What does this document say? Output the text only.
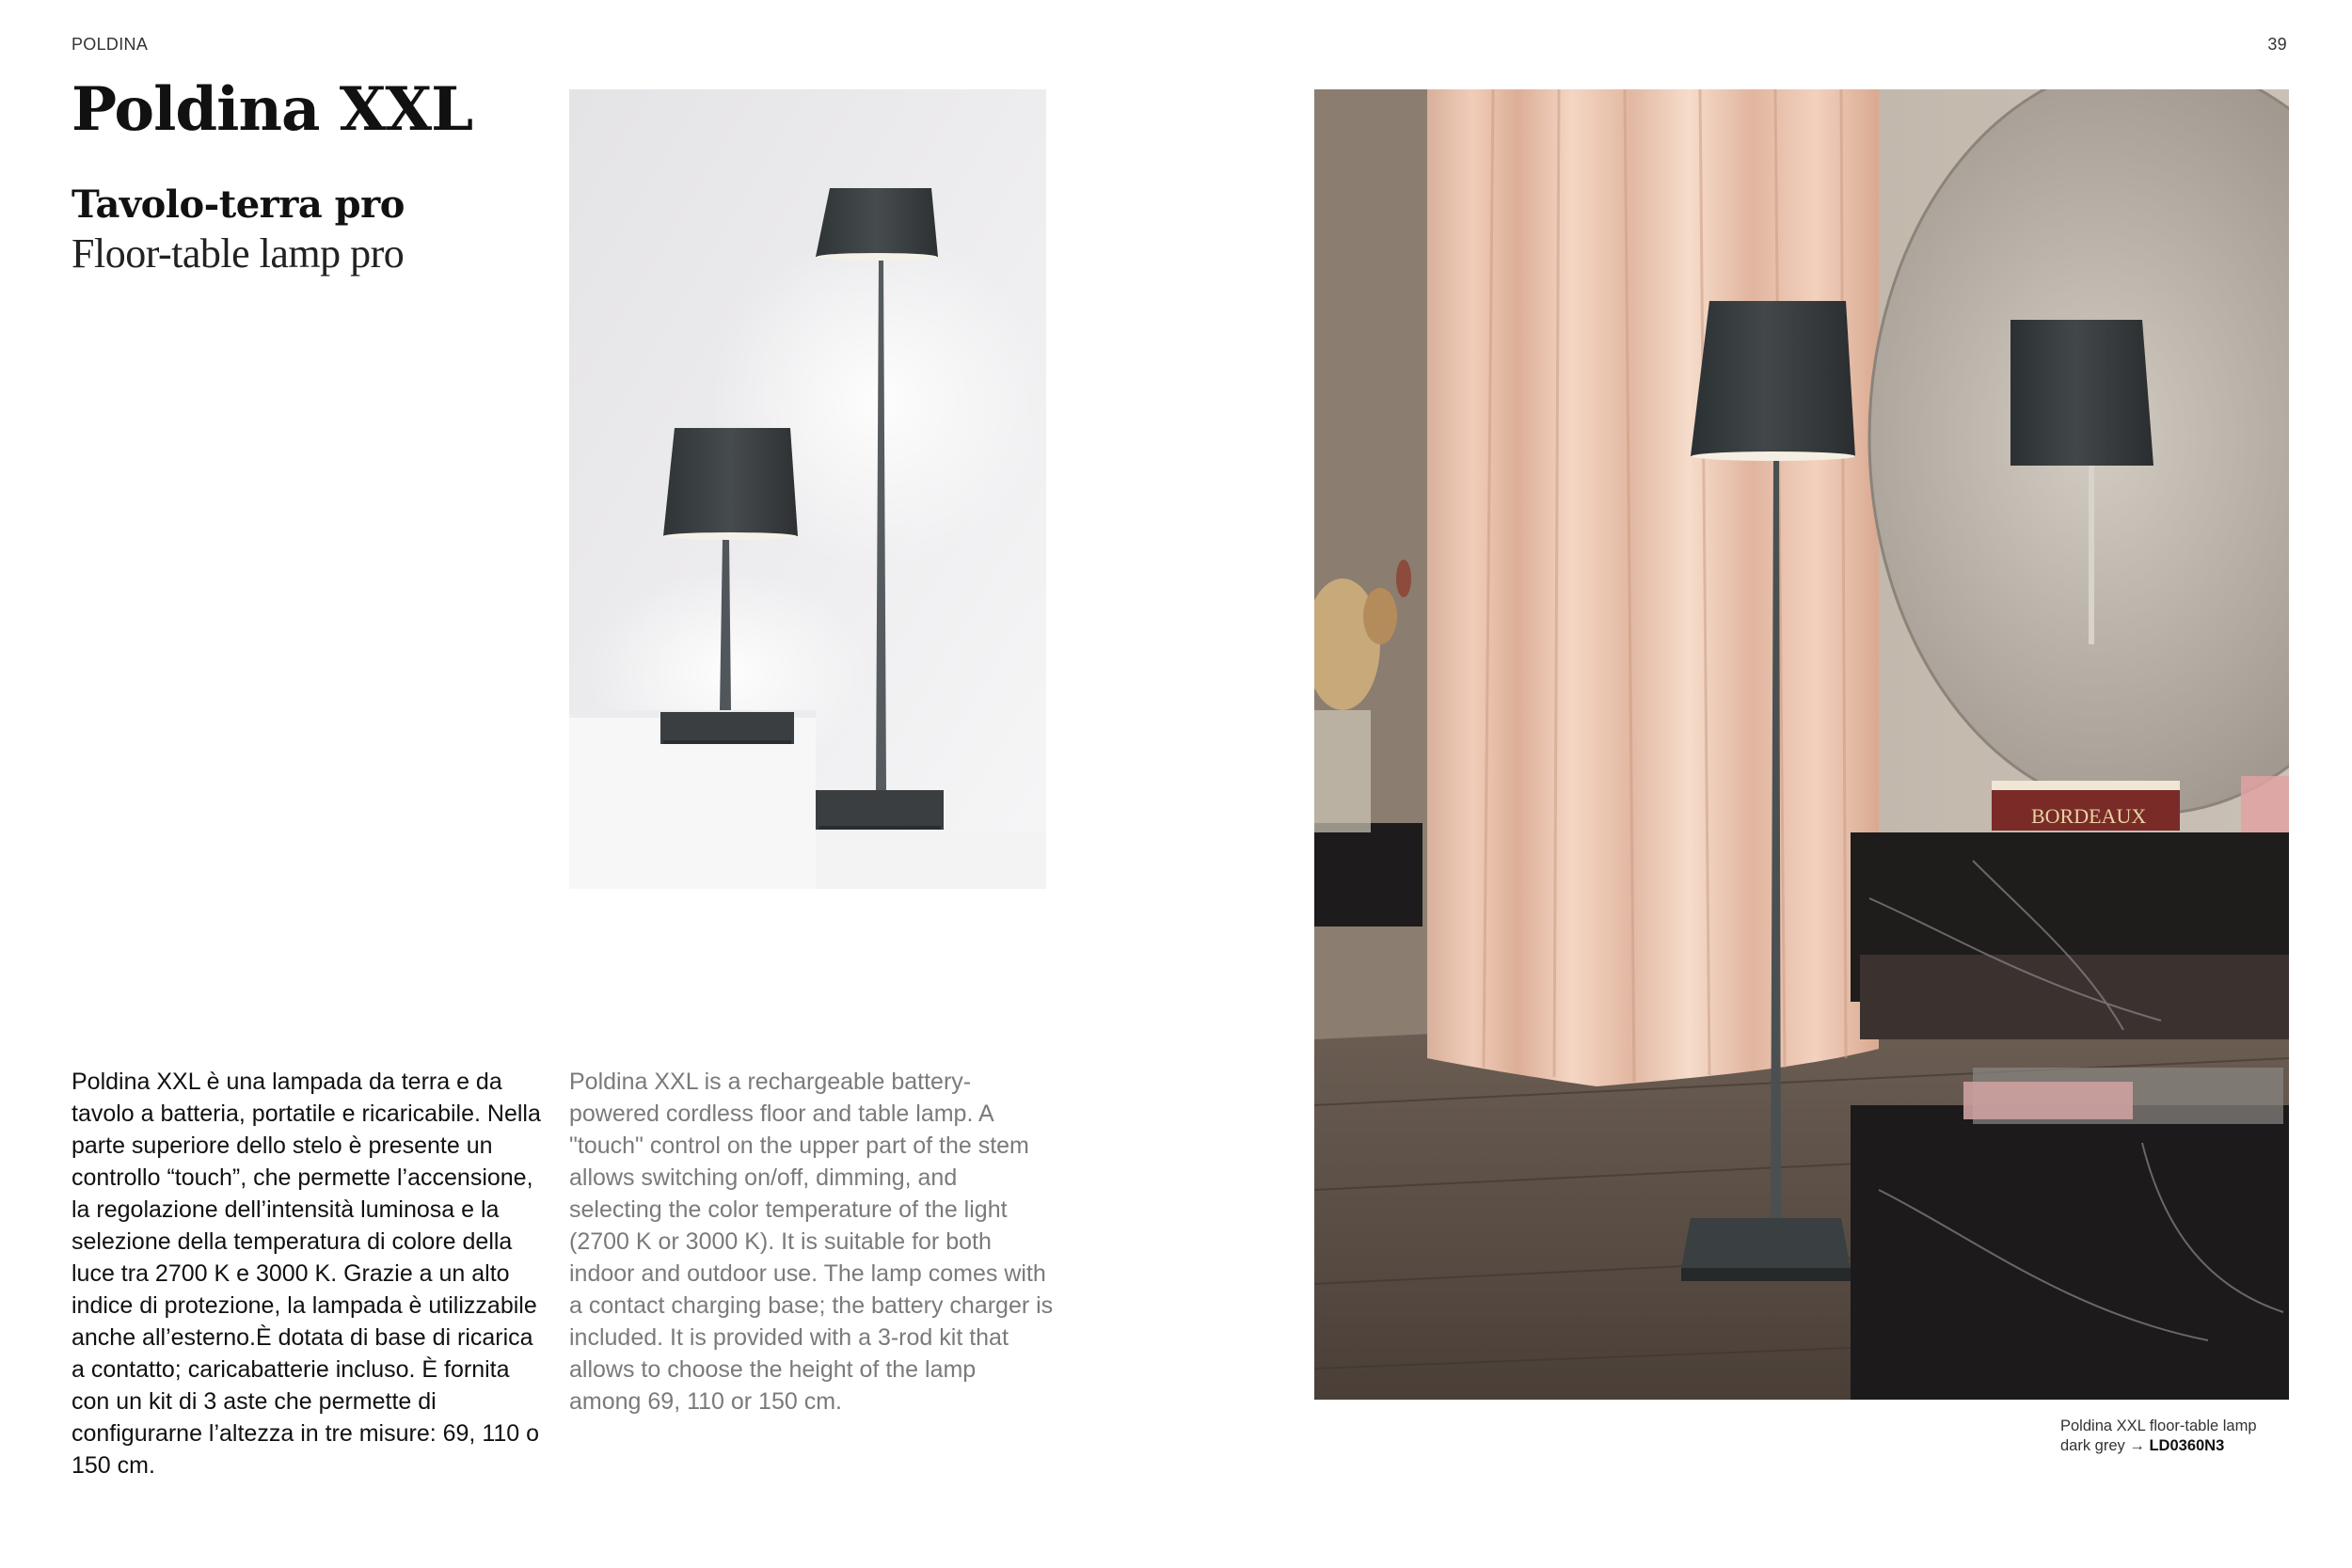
POLDINA	39
Poldina XXL
Tavolo-terra pro
Floor-table lamp pro
BORDEAUX
Poldina XXL è una lampada da terra e da tavolo a batteria, portatile e ricaricabile. Nella parte superiore dello stelo è presente un controllo “touch”, che permette l’accensione, la regolazione dell’intensità luminosa e la selezione della temperatura di colore della luce tra 2700 K e 3000 K. Grazie a un alto indice di protezione, la lampada è utilizzabile anche all’esterno.È dotata di base di ricarica a contatto; caricabatterie incluso. È fornita con un kit di 3 aste che permette di configurarne l’altezza in tre misure: 69, 110 o 150 cm.
Poldina XXL is a rechargeable battery-powered cordless floor and table lamp. A "touch" control on the upper part of the stem allows switching on/off, dimming, and selecting the color temperature of the light (2700 K or 3000 K). It is suitable for both indoor and outdoor use. The lamp comes with a contact charging base; the battery charger is included. It is provided with a 3-rod kit that allows to choose the height of the lamp among 69, 110 or 150 cm.
Poldina XXL floor-table lamp
dark grey → LD0360N3
